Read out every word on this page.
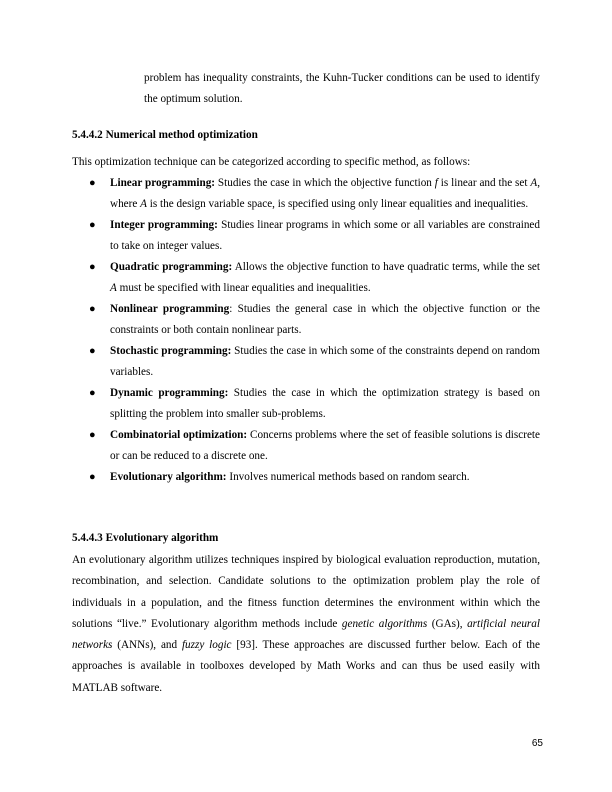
problem has inequality constraints, the Kuhn-Tucker conditions can be used to identify the optimum solution.
5.4.4.2 Numerical method optimization
This optimization technique can be categorized according to specific method, as follows:
● Linear programming: Studies the case in which the objective function f is linear and the set A, where A is the design variable space, is specified using only linear equalities and inequalities.
● Integer programming: Studies linear programs in which some or all variables are constrained to take on integer values.
● Quadratic programming: Allows the objective function to have quadratic terms, while the set A must be specified with linear equalities and inequalities.
● Nonlinear programming: Studies the general case in which the objective function or the constraints or both contain nonlinear parts.
● Stochastic programming: Studies the case in which some of the constraints depend on random variables.
● Dynamic programming: Studies the case in which the optimization strategy is based on splitting the problem into smaller sub-problems.
● Combinatorial optimization: Concerns problems where the set of feasible solutions is discrete or can be reduced to a discrete one.
● Evolutionary algorithm: Involves numerical methods based on random search.
5.4.4.3 Evolutionary algorithm
An evolutionary algorithm utilizes techniques inspired by biological evaluation reproduction, mutation, recombination, and selection. Candidate solutions to the optimization problem play the role of individuals in a population, and the fitness function determines the environment within which the solutions “live.” Evolutionary algorithm methods include genetic algorithms (GAs), artificial neural networks (ANNs), and fuzzy logic [93]. These approaches are discussed further below. Each of the approaches is available in toolboxes developed by Math Works and can thus be used easily with MATLAB software.
65
